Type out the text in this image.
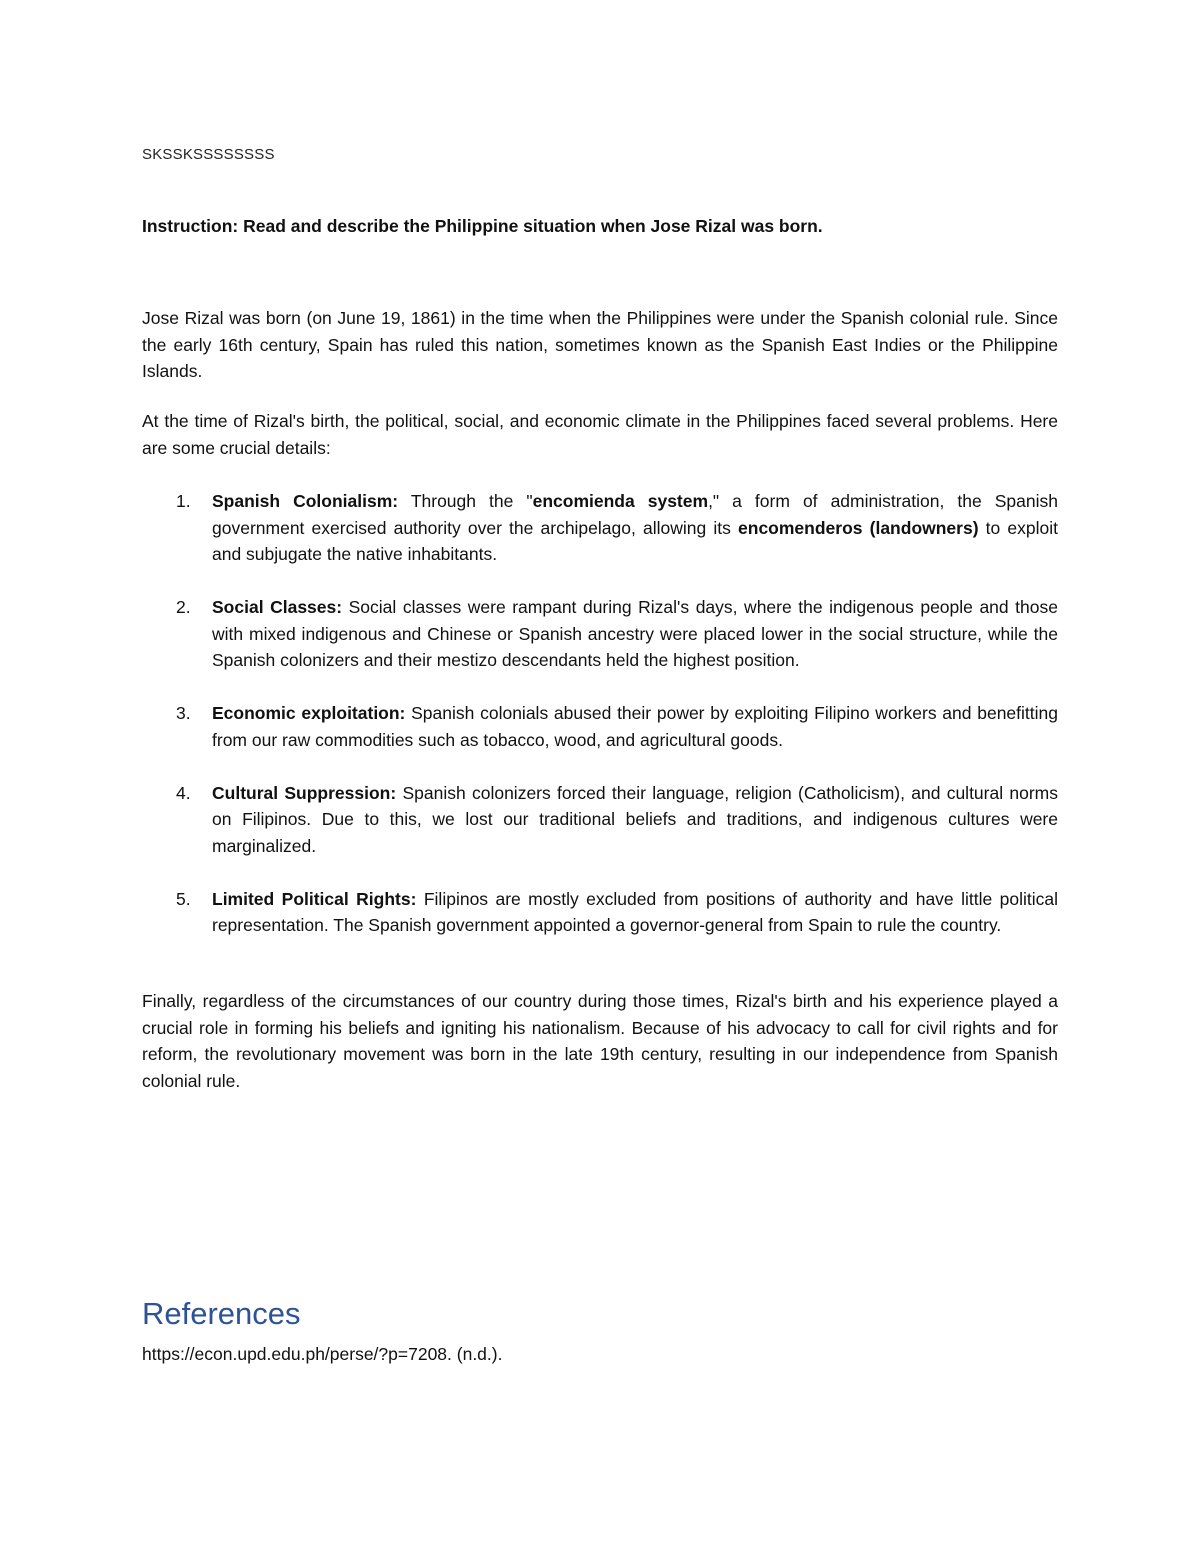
SKSSKSSSSSSSS
Instruction: Read and describe the Philippine situation when Jose Rizal was born.

Jose Rizal was born (on June 19, 1861) in the time when the Philippines were under the Spanish colonial rule. Since the early 16th century, Spain has ruled this nation, sometimes known as the Spanish East Indies or the Philippine Islands.

At the time of Rizal's birth, the political, social, and economic climate in the Philippines faced several problems. Here are some crucial details:

1. Spanish Colonialism: Through the "encomienda system," a form of administration, the Spanish government exercised authority over the archipelago, allowing its encomenderos (landowners) to exploit and subjugate the native inhabitants.
2. Social Classes: Social classes were rampant during Rizal's days, where the indigenous people and those with mixed indigenous and Chinese or Spanish ancestry were placed lower in the social structure, while the Spanish colonizers and their mestizo descendants held the highest position.
3. Economic exploitation: Spanish colonials abused their power by exploiting Filipino workers and benefitting from our raw commodities such as tobacco, wood, and agricultural goods.
4. Cultural Suppression: Spanish colonizers forced their language, religion (Catholicism), and cultural norms on Filipinos. Due to this, we lost our traditional beliefs and traditions, and indigenous cultures were marginalized.
5. Limited Political Rights: Filipinos are mostly excluded from positions of authority and have little political representation. The Spanish government appointed a governor-general from Spain to rule the country.

Finally, regardless of the circumstances of our country during those times, Rizal's birth and his experience played a crucial role in forming his beliefs and igniting his nationalism. Because of his advocacy to call for civil rights and for reform, the revolutionary movement was born in the late 19th century, resulting in our independence from Spanish colonial rule.

References
https://econ.upd.edu.ph/perse/?p=7208. (n.d.).
